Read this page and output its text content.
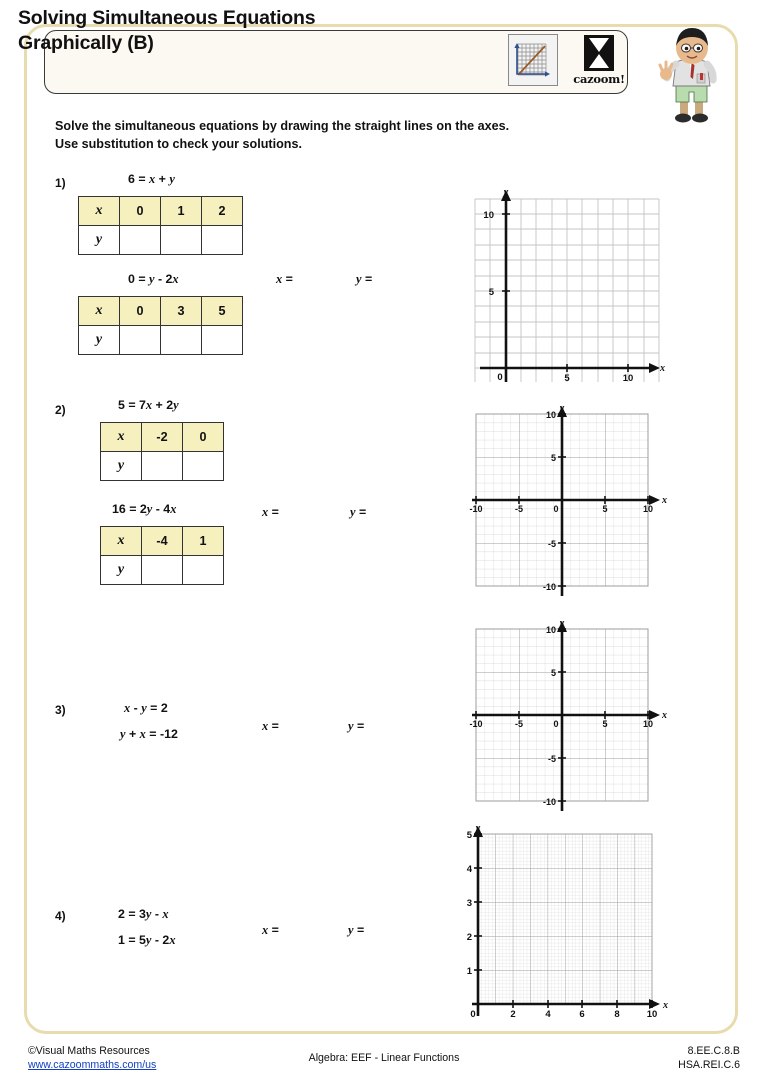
Solving Simultaneous Equations
Graphically (B)
cazoom!
Solve the simultaneous equations by drawing the straight lines on the axes.
Use substitution to check your solutions.
1)	6 = x + y
x	0	1	2
y			
0 = y - 2x
x	0	3	5
y			
x =	y =
2)	5 = 7x + 2y
x	-2	0
y		
16 = 2y - 4x
x	-4	1
y		
x =	y =
3)	x - y = 2
y + x = -12
x =	y =
4)	2 = 3y - x
1 = 5y - 2x
x =	y =
5
10
0	5	10
y
x
10
5
-5
-10
-10	-5	0	5	10
y
x
10
5
-5
-10
-10	-5	0	5	10
y
x
1
2
3
4
5
0	2	4	6	8	10
y
x
©Visual Maths Resources
www.cazoommaths.com/us
Algebra: EEF - Linear Functions
8.EE.C.8.B
HSA.REI.C.6
